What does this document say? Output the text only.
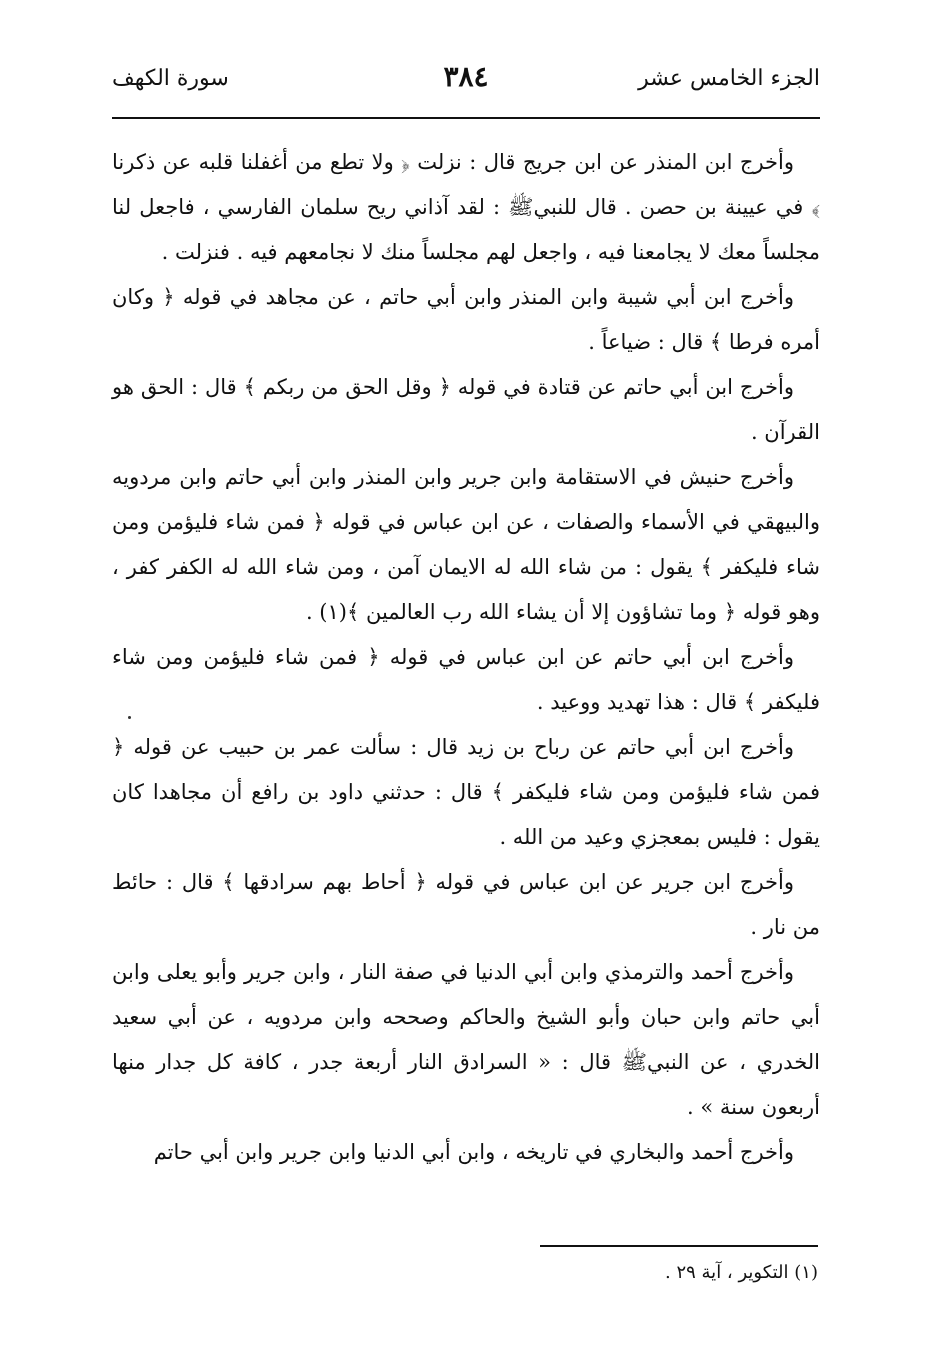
الجزء الخامس عشر
٣٨٤
سورة الكهف

وأخرج ابن المنذر عن ابن جريج قال : نزلت ﴿ ولا تطع من أغفلنا قلبه عن ذكرنا ﴾ في عيينة بن حصن . قال للنبيﷺ : لقد آذاني ريح سلمان الفارسي ، فاجعل لنا مجلساً معك لا يجامعنا فيه ، واجعل لهم مجلساً منك لا نجامعهم فيه . فنزلت .

وأخرج ابن أبي شيبة وابن المنذر وابن أبي حاتم ، عن مجاهد في قوله ﴿ وكان أمره فرطا ﴾ قال : ضياعاً .

وأخرج ابن أبي حاتم عن قتادة في قوله ﴿ وقل الحق من ربكم ﴾ قال : الحق هو القرآن .

وأخرج حنيش في الاستقامة وابن جرير وابن المنذر وابن أبي حاتم وابن مردويه والبيهقي في الأسماء والصفات ، عن ابن عباس في قوله ﴿ فمن شاء فليؤمن ومن شاء فليكفر ﴾ يقول : من شاء الله له الايمان آمن ، ومن شاء الله له الكفر كفر ، وهو قوله ﴿ وما تشاؤون إلا أن يشاء الله رب العالمين ﴾(١) .

وأخرج ابن أبي حاتم عن ابن عباس في قوله ﴿ فمن شاء فليؤمن ومن شاء فليكفر ﴾ قال : هذا تهديد ووعيد .

وأخرج ابن أبي حاتم عن رباح بن زيد قال : سألت عمر بن حبيب عن قوله ﴿ فمن شاء فليؤمن ومن شاء فليكفر ﴾ قال : حدثني داود بن رافع أن مجاهدا كان يقول : فليس بمعجزي وعيد من الله .

وأخرج ابن جرير عن ابن عباس في قوله ﴿ أحاط بهم سرادقها ﴾ قال : حائط من نار .

وأخرج أحمد والترمذي وابن أبي الدنيا في صفة النار ، وابن جرير وأبو يعلى وابن أبي حاتم وابن حبان وأبو الشيخ والحاكم وصححه وابن مردويه ، عن أبي سعيد الخدري ، عن النبيﷺ قال : « السرادق النار أربعة جدر ، كافة كل جدار منها أربعون سنة » .

وأخرج أحمد والبخاري في تاريخه ، وابن أبي الدنيا وابن جرير وابن أبي حاتم

(١) التكوير ، آية ٢٩ .
